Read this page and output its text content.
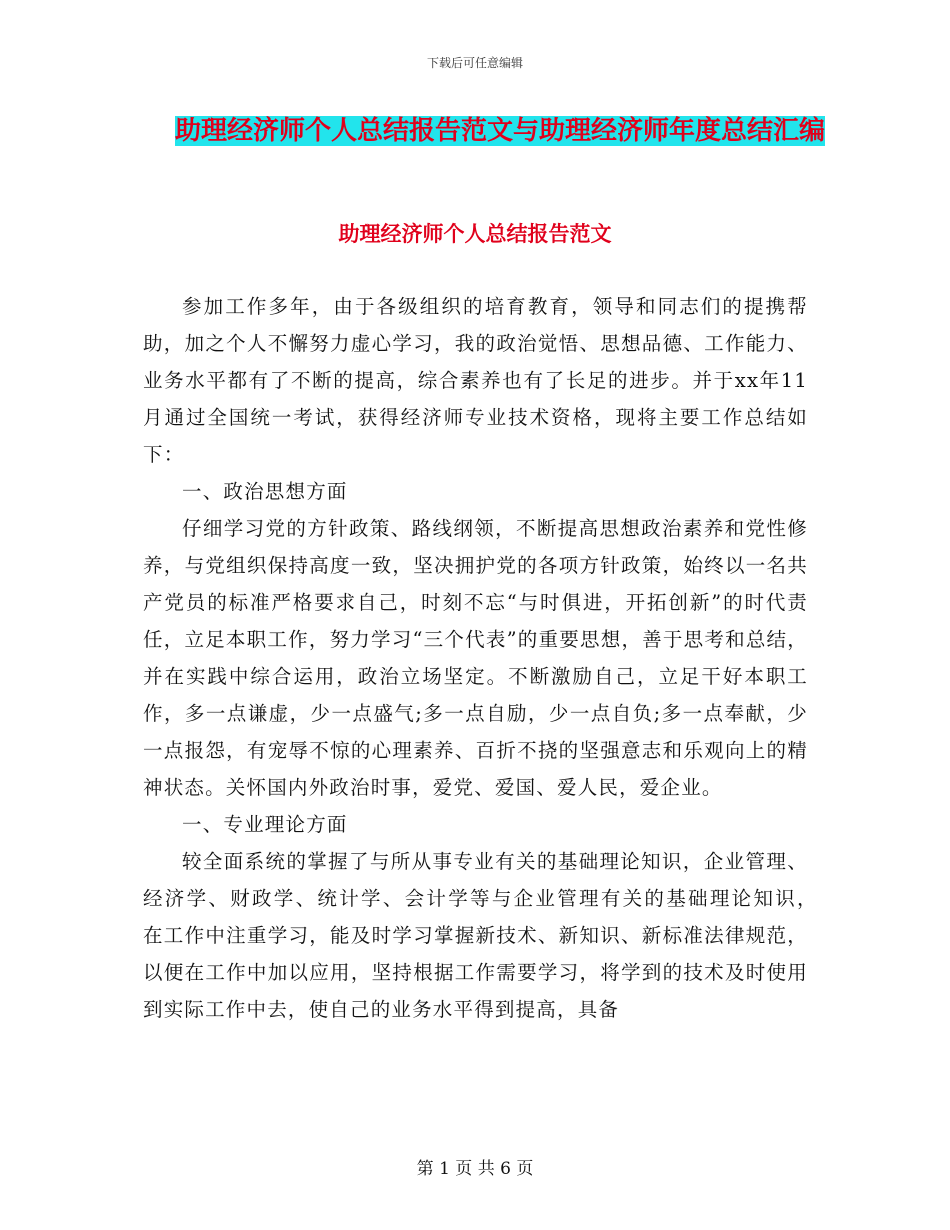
下载后可任意编辑
助理经济师个人总结报告范文与助理经济师年度总结汇编
助理经济师个人总结报告范文

参加工作多年，由于各级组织的培育教育，领导和同志们的提携帮助，加之个人不懈努力虚心学习，我的政治觉悟、思想品德、工作能力、业务水平都有了不断的提高，综合素养也有了长足的进步。并于xx年11月通过全国统一考试，获得经济师专业技术资格，现将主要工作总结如下：

一、政治思想方面

仔细学习党的方针政策、路线纲领，不断提高思想政治素养和党性修养，与党组织保持高度一致，坚决拥护党的各项方针政策，始终以一名共产党员的标准严格要求自己，时刻不忘“与时俱进，开拓创新”的时代责任，立足本职工作，努力学习“三个代表”的重要思想，善于思考和总结，并在实践中综合运用，政治立场坚定。不断激励自己，立足干好本职工作，多一点谦虚，少一点盛气;多一点自励，少一点自负;多一点奉献，少一点报怨，有宠辱不惊的心理素养、百折不挠的坚强意志和乐观向上的精神状态。关怀国内外政治时事，爱党、爱国、爱人民，爱企业。

一、专业理论方面

较全面系统的掌握了与所从事专业有关的基础理论知识，企业管理、经济学、财政学、统计学、会计学等与企业管理有关的基础理论知识，　在工作中注重学习，能及时学习掌握新技术、新知识、新标准法律规范，以便在工作中加以应用，坚持根据工作需要学习，将学到的技术及时使用到实际工作中去，使自己的业务水平得到提高，具备

第 1 页 共 6 页
